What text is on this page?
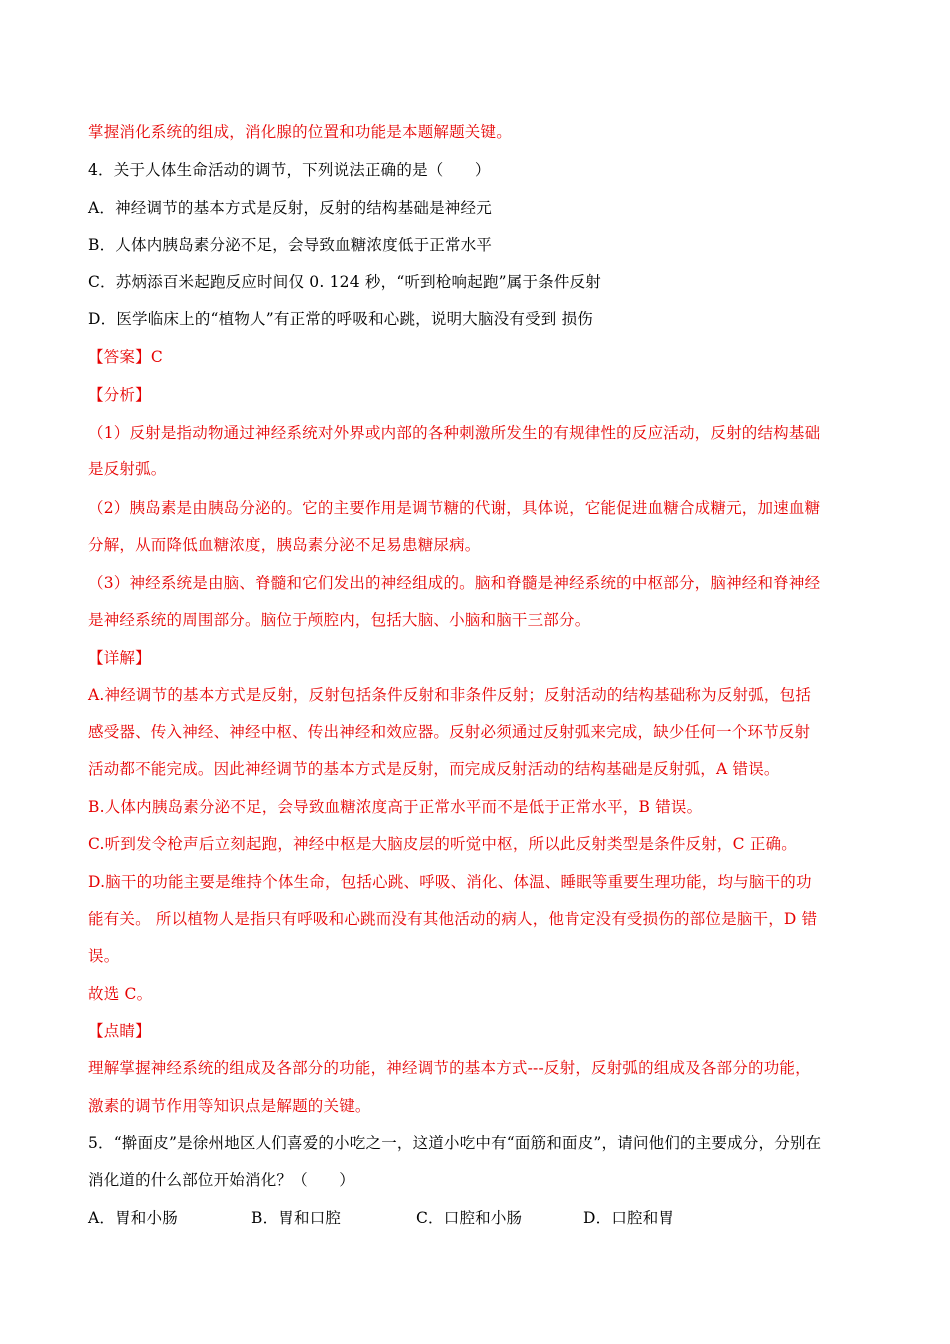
掌握消化系统的组成，消化腺的位置和功能是本题解题关键。
4．关于人体生命活动的调节，下列说法正确的是（　　）
A．神经调节的基本方式是反射，反射的结构基础是神经元
B．人体内胰岛素分泌不足，会导致血糖浓度低于正常水平
C．苏炳添百米起跑反应时间仅 0. 124 秒，“听到枪响起跑”属于条件反射
D．医学临床上的“植物人”有正常的呼吸和心跳，说明大脑没有受到 损伤
【答案】C
【分析】
（1）反射是指动物通过神经系统对外界或内部的各种刺激所发生的有规律性的反应活动，反射的结构基础
是反射弧。
（2）胰岛素是由胰岛分泌的。它的主要作用是调节糖的代谢，具体说，它能促进血糖合成糖元，加速血糖
分解，从而降低血糖浓度，胰岛素分泌不足易患糖尿病。
（3）神经系统是由脑、脊髓和它们发出的神经组成的。脑和脊髓是神经系统的中枢部分，脑神经和脊神经
是神经系统的周围部分。脑位于颅腔内，包括大脑、小脑和脑干三部分。
【详解】
A.神经调节的基本方式是反射，反射包括条件反射和非条件反射；反射活动的结构基础称为反射弧，包括
感受器、传入神经、神经中枢、传出神经和效应器。反射必须通过反射弧来完成，缺少任何一个环节反射
活动都不能完成。因此神经调节的基本方式是反射，而完成反射活动的结构基础是反射弧，A 错误。
B.人体内胰岛素分泌不足，会导致血糖浓度高于正常水平而不是低于正常水平，B 错误。
C.听到发令枪声后立刻起跑，神经中枢是大脑皮层的听觉中枢，所以此反射类型是条件反射，C 正确。
D.脑干的功能主要是维持个体生命，包括心跳、呼吸、消化、体温、睡眠等重要生理功能，均与脑干的功
能有关。 所以植物人是指只有呼吸和心跳而没有其他活动的病人，他肯定没有受损伤的部位是脑干，D 错
误。
故选 C。
【点睛】
理解掌握神经系统的组成及各部分的功能，神经调节的基本方式---反射，反射弧的组成及各部分的功能，
激素的调节作用等知识点是解题的关键。
5．“擀面皮”是徐州地区人们喜爱的小吃之一，这道小吃中有“面筋和面皮”，请问他们的主要成分，分别在
消化道的什么部位开始消化？（　　）
A．胃和小肠	B．胃和口腔	C．口腔和小肠	D．口腔和胃
